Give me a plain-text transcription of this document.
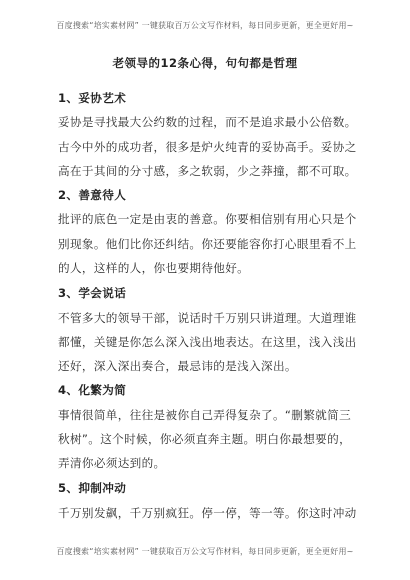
百度搜索“培实素材网” 一键获取百万公文写作材料，每日同步更新，更全更好用~
老领导的12条心得，句句都是哲理
1、妥协艺术
妥协是寻找最大公约数的过程，而不是追求最小公倍数。
古今中外的成功者，很多是炉火纯青的妥协高手。妥协之
高在于其间的分寸感，多之软弱，少之莽撞，都不可取。
2、善意待人
批评的底色一定是由衷的善意。你要相信别有用心只是个
别现象。他们比你还纠结。你还要能容你打心眼里看不上
的人，这样的人，你也要期待他好。
3、学会说话
不管多大的领导干部，说话时千万别只讲道理。大道理谁
都懂，关键是你怎么深入浅出地表达。在这里，浅入浅出
还好，深入深出奏合，最忌讳的是浅入深出。
4、化繁为简
事情很简单，往往是被你自己弄得复杂了。“删繁就简三
秋树”。这个时候，你必须直奔主题。明白你最想要的，
弄清你必须达到的。
5、抑制冲动
千万别发飙，千万别疯狂。停一停，等一等。你这时冲动
百度搜索“培实素材网” 一键获取百万公文写作材料，每日同步更新，更全更好用~
